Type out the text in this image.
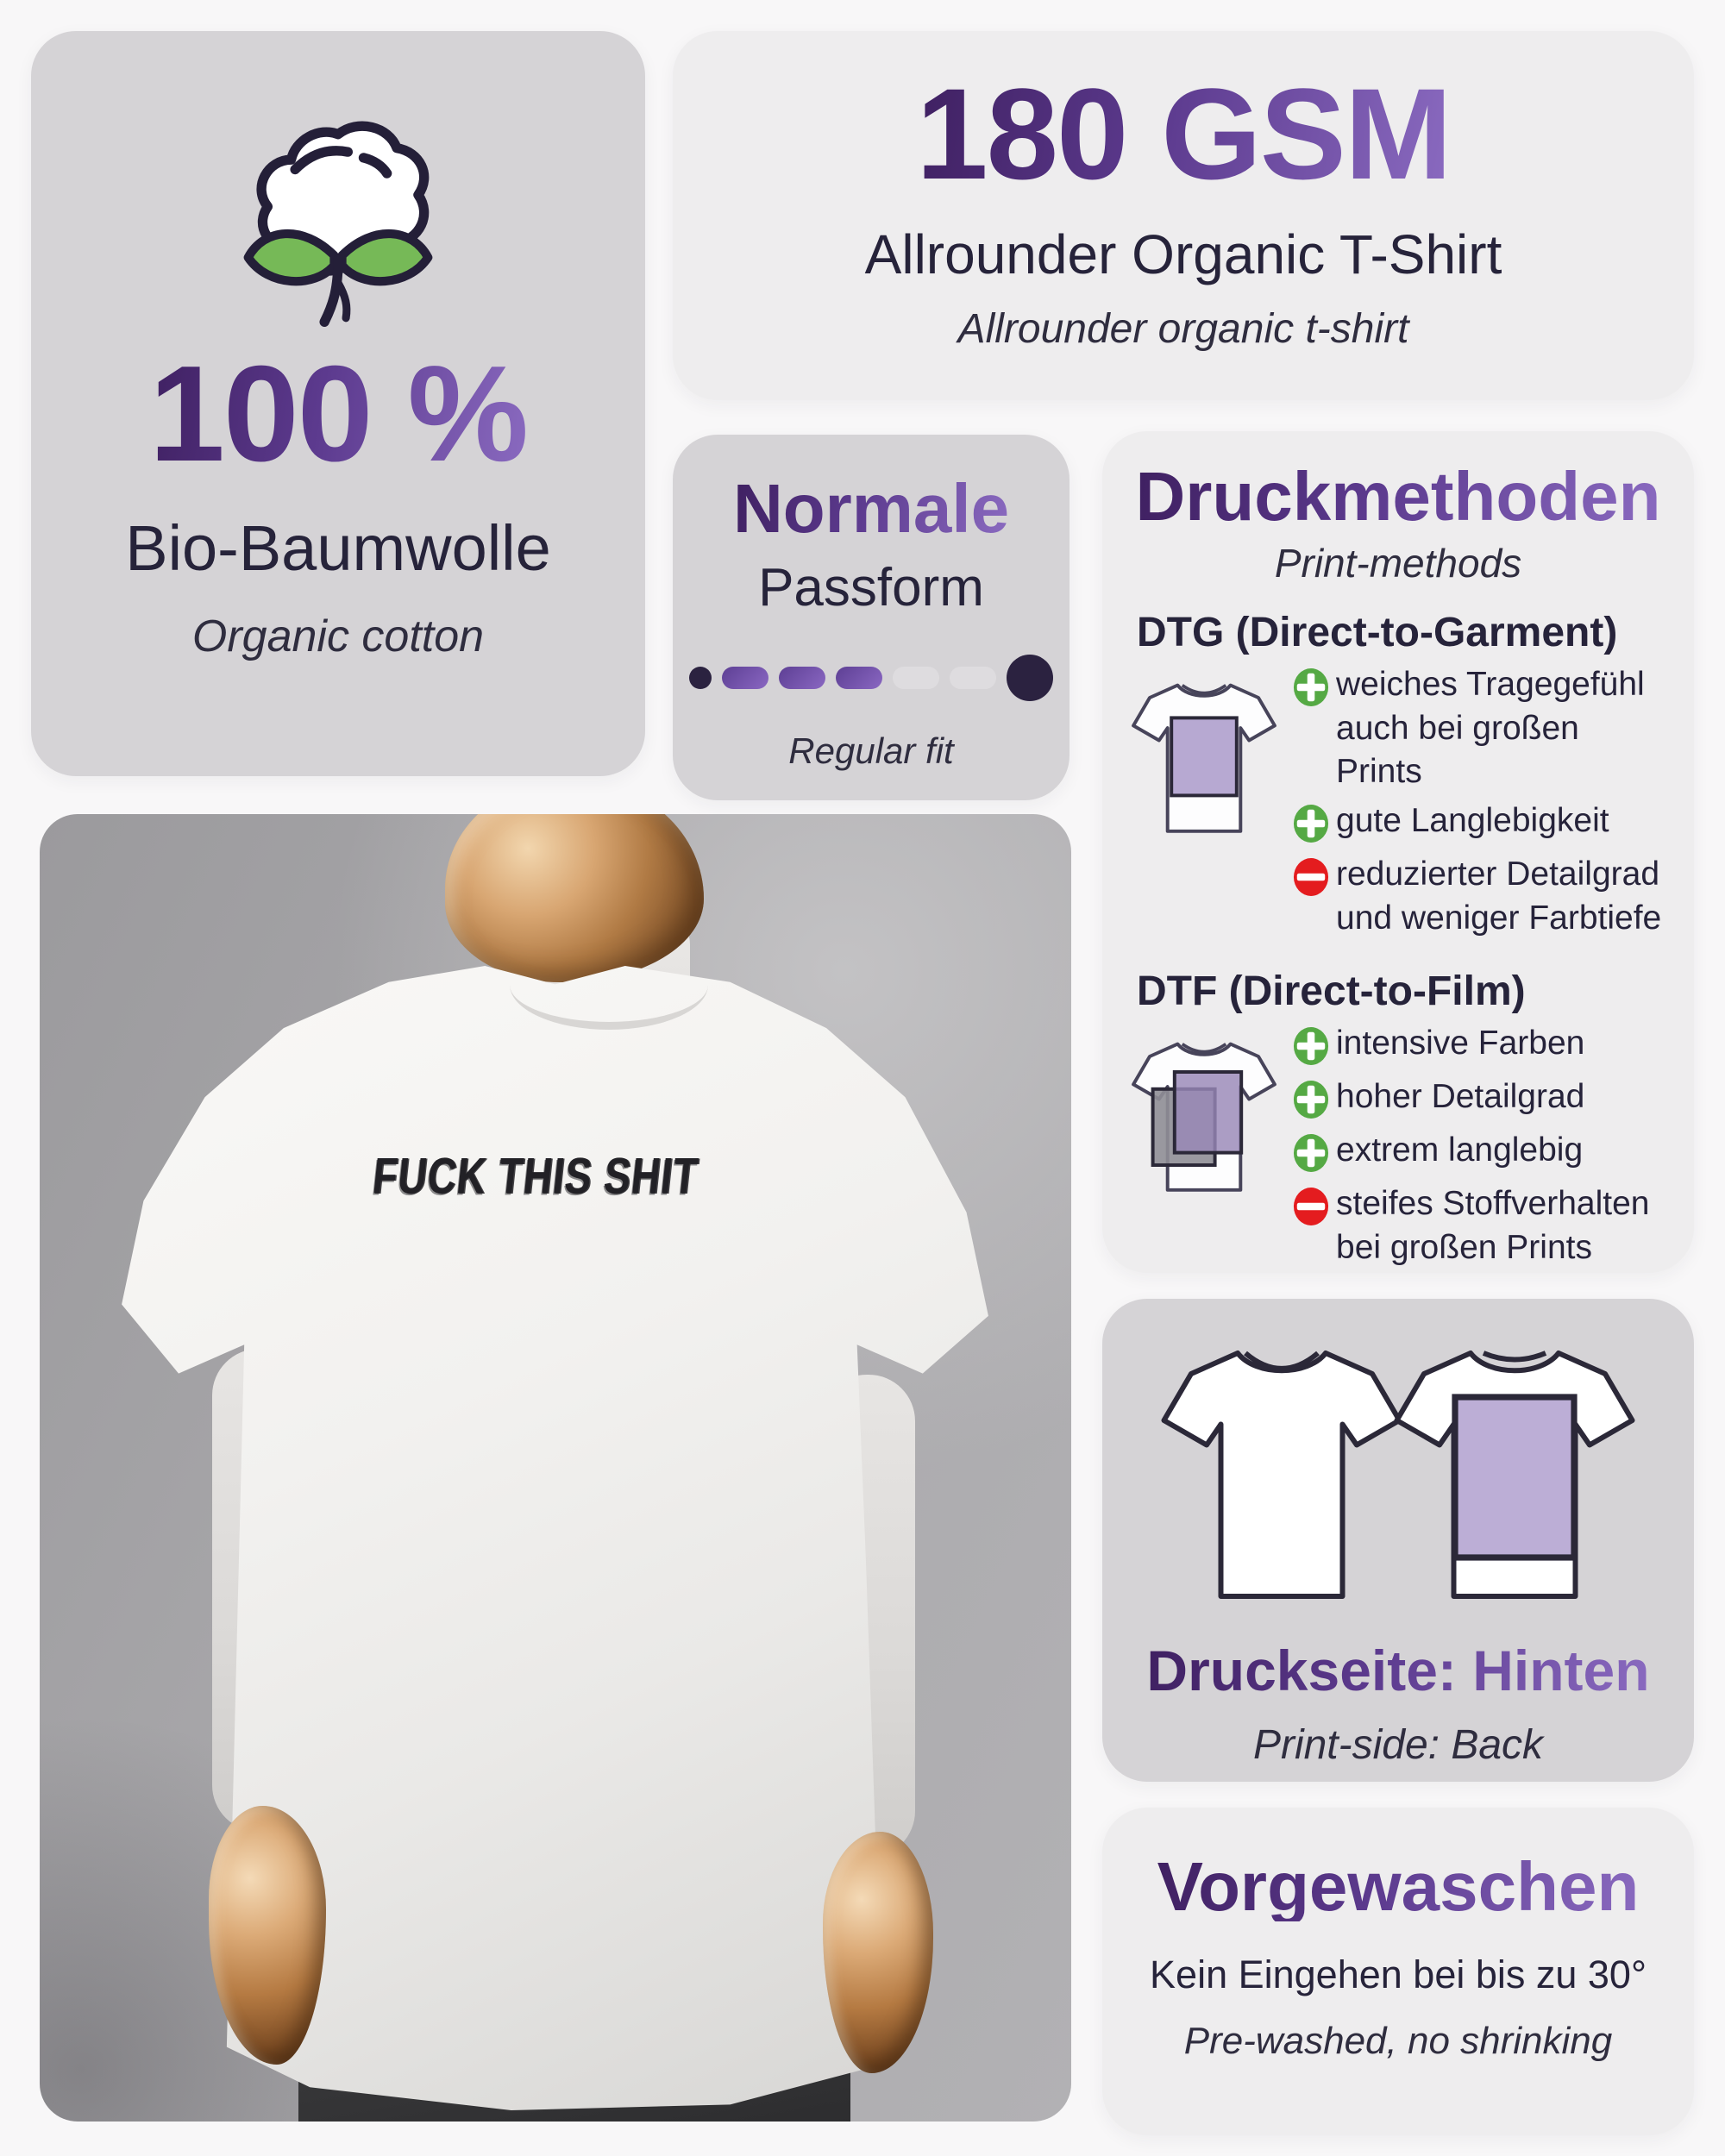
100 %
Bio-Baumwolle
Organic cotton
180 GSM
Allrounder Organic T-Shirt
Allrounder organic t-shirt
Normale
Passform
Regular fit
Druckmethoden
Print-methods
DTG (Direct-to-Garment)
weiches Tragegefühl auch bei großen Prints
gute Langlebigkeit
reduzierter Detailgrad und weniger Farbtiefe
DTF (Direct-to-Film)
intensive Farben
hoher Detailgrad
extrem langlebig
steifes Stoffverhalten bei großen Prints
FUCK THIS SHIT
Druckseite: Hinten
Print-side: Back
Vorgewaschen
Kein Eingehen bei bis zu 30°
Pre-washed, no shrinking
